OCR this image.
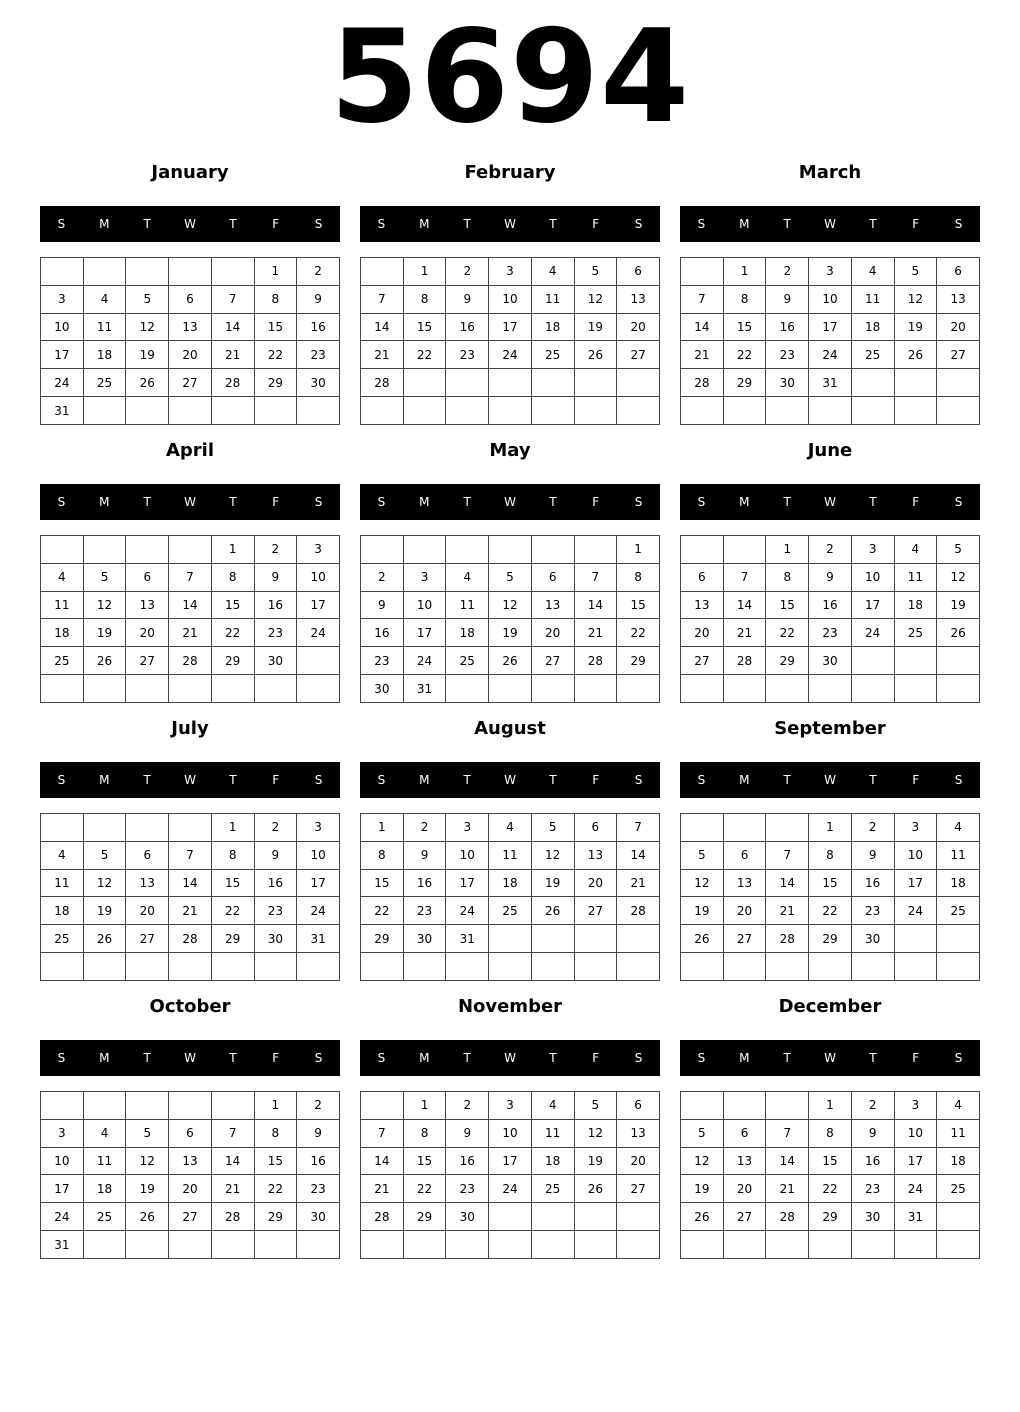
5694
January
S	M	T	W	T	F	S
					1	2
3	4	5	6	7	8	9
10	11	12	13	14	15	16
17	18	19	20	21	22	23
24	25	26	27	28	29	30
31						
February
S	M	T	W	T	F	S
	1	2	3	4	5	6
7	8	9	10	11	12	13
14	15	16	17	18	19	20
21	22	23	24	25	26	27
28						

March
S	M	T	W	T	F	S
	1	2	3	4	5	6
7	8	9	10	11	12	13
14	15	16	17	18	19	20
21	22	23	24	25	26	27
28	29	30	31			

April
S	M	T	W	T	F	S
				1	2	3
4	5	6	7	8	9	10
11	12	13	14	15	16	17
18	19	20	21	22	23	24
25	26	27	28	29	30	

May
S	M	T	W	T	F	S
						1
2	3	4	5	6	7	8
9	10	11	12	13	14	15
16	17	18	19	20	21	22
23	24	25	26	27	28	29
30	31					
June
S	M	T	W	T	F	S
		1	2	3	4	5
6	7	8	9	10	11	12
13	14	15	16	17	18	19
20	21	22	23	24	25	26
27	28	29	30			

July
S	M	T	W	T	F	S
				1	2	3
4	5	6	7	8	9	10
11	12	13	14	15	16	17
18	19	20	21	22	23	24
25	26	27	28	29	30	31

August
S	M	T	W	T	F	S
1	2	3	4	5	6	7
8	9	10	11	12	13	14
15	16	17	18	19	20	21
22	23	24	25	26	27	28
29	30	31				

September
S	M	T	W	T	F	S
			1	2	3	4
5	6	7	8	9	10	11
12	13	14	15	16	17	18
19	20	21	22	23	24	25
26	27	28	29	30		

October
S	M	T	W	T	F	S
					1	2
3	4	5	6	7	8	9
10	11	12	13	14	15	16
17	18	19	20	21	22	23
24	25	26	27	28	29	30
31						
November
S	M	T	W	T	F	S
	1	2	3	4	5	6
7	8	9	10	11	12	13
14	15	16	17	18	19	20
21	22	23	24	25	26	27
28	29	30				

December
S	M	T	W	T	F	S
			1	2	3	4
5	6	7	8	9	10	11
12	13	14	15	16	17	18
19	20	21	22	23	24	25
26	27	28	29	30	31	
